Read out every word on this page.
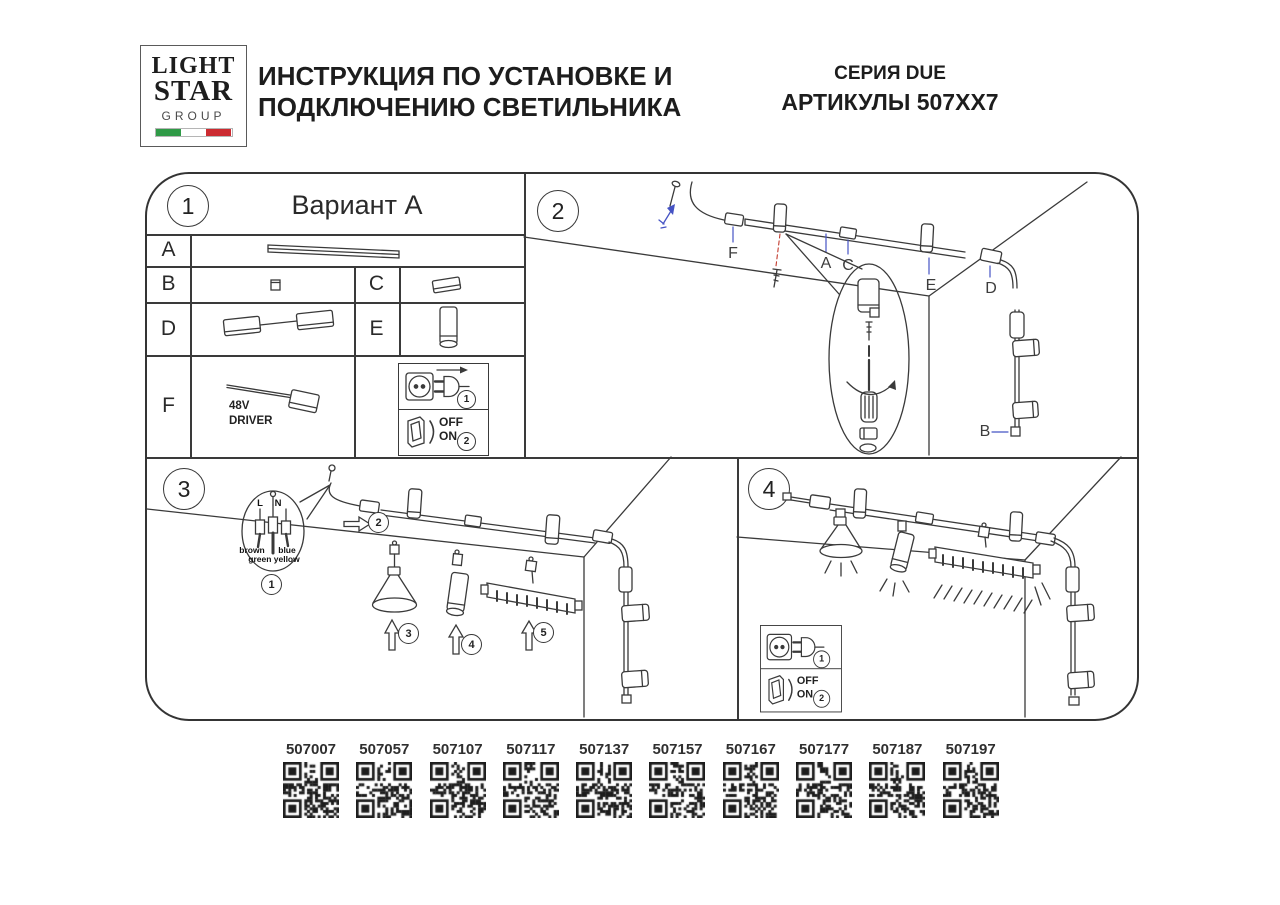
LIGHT
STAR
GROUP
ИНСТРУКЦИЯ ПО УСТАНОВКЕ И
ПОДКЛЮЧЕНИЮ СВЕТИЛЬНИКА
СЕРИЯ DUE
АРТИКУЛЫ 507XX7
1	Вариант А
A
B	C
D	E
F	48V
DRIVER
1
OFF
ON 2
2
F
A C
E	D
B
3
L N
brown	blue
green yellow
1
2
3
4
5
4
1
OFF
ON 2
507007 507057 507107 507117 507137 507157 507167 507177 507187 507197
